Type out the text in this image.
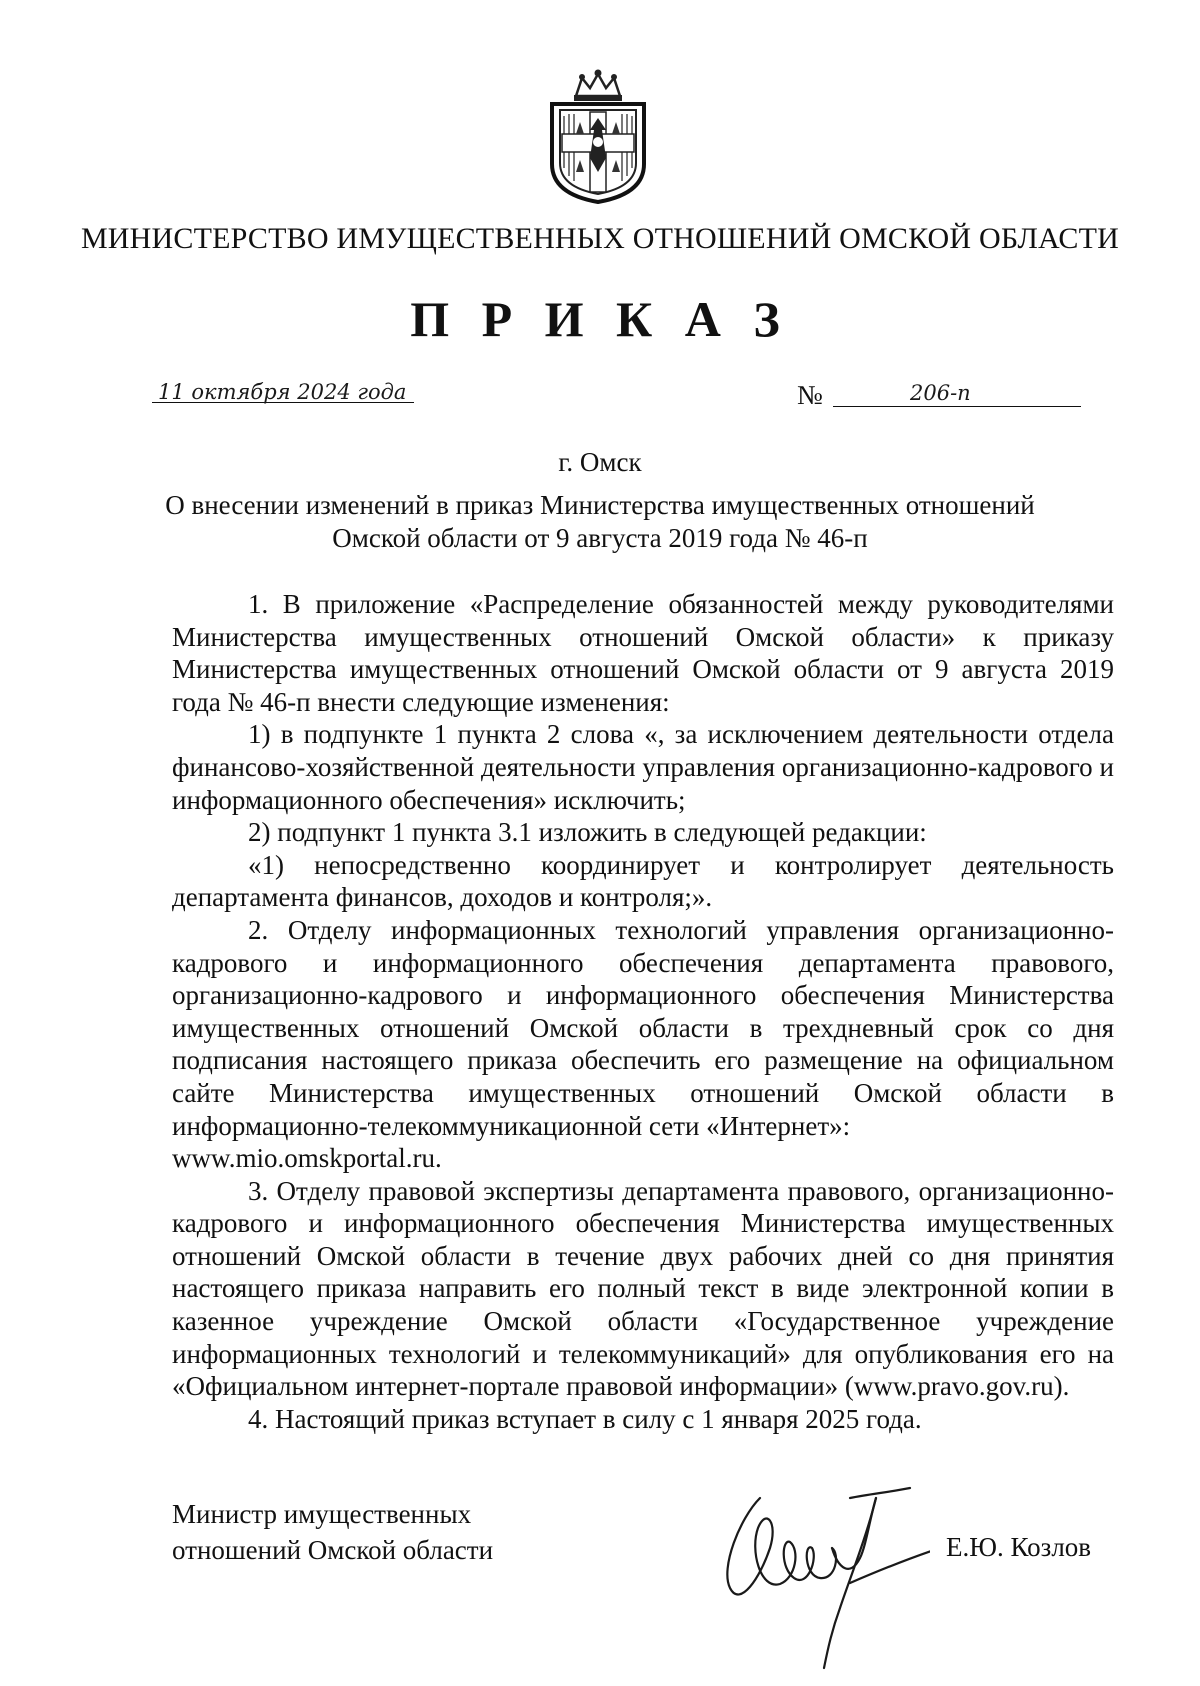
МИНИСТЕРСТВО ИМУЩЕСТВЕННЫХ ОТНОШЕНИЙ ОМСКОЙ ОБЛАСТИ
П Р И К А З
11 октября 2024 года	№	206-п
г. Омск
О внесении изменений в приказ Министерства имущественных отношений
Омской области от 9 августа 2019 года № 46-п

1. В приложение «Распределение обязанностей между руководителями Министерства имущественных отношений Омской области» к приказу Министерства имущественных отношений Омской области от 9 августа 2019 года № 46-п внести следующие изменения:

1) в подпункте 1 пункта 2 слова «, за исключением деятельности отдела финансово-хозяйственной деятельности управления организационно-кадрового и информационного обеспечения» исключить;

2) подпункт 1 пункта 3.1 изложить в следующей редакции:

«1) непосредственно координирует и контролирует деятельность департамента финансов, доходов и контроля;».

2. Отделу информационных технологий управления организационно-кадрового и информационного обеспечения департамента правового, организационно-кадрового и информационного обеспечения Министерства имущественных отношений Омской области в трехдневный срок со дня подписания настоящего приказа обеспечить его размещение на официальном сайте Министерства имущественных отношений Омской области в информационно-телекоммуникационной сети «Интернет»:

www.mio.omskportal.ru.

3. Отделу правовой экспертизы департамента правового, организационно-кадрового и информационного обеспечения Министерства имущественных отношений Омской области в течение двух рабочих дней со дня принятия настоящего приказа направить его полный текст в виде электронной копии в казенное учреждение Омской области «Государственное учреждение информационных технологий и телекоммуникаций» для опубликования его на «Официальном интернет-портале правовой информации» (www.pravo.gov.ru).

4. Настоящий приказ вступает в силу с 1 января 2025 года.

Министр имущественных
отношений Омской области	Е.Ю. Козлов
